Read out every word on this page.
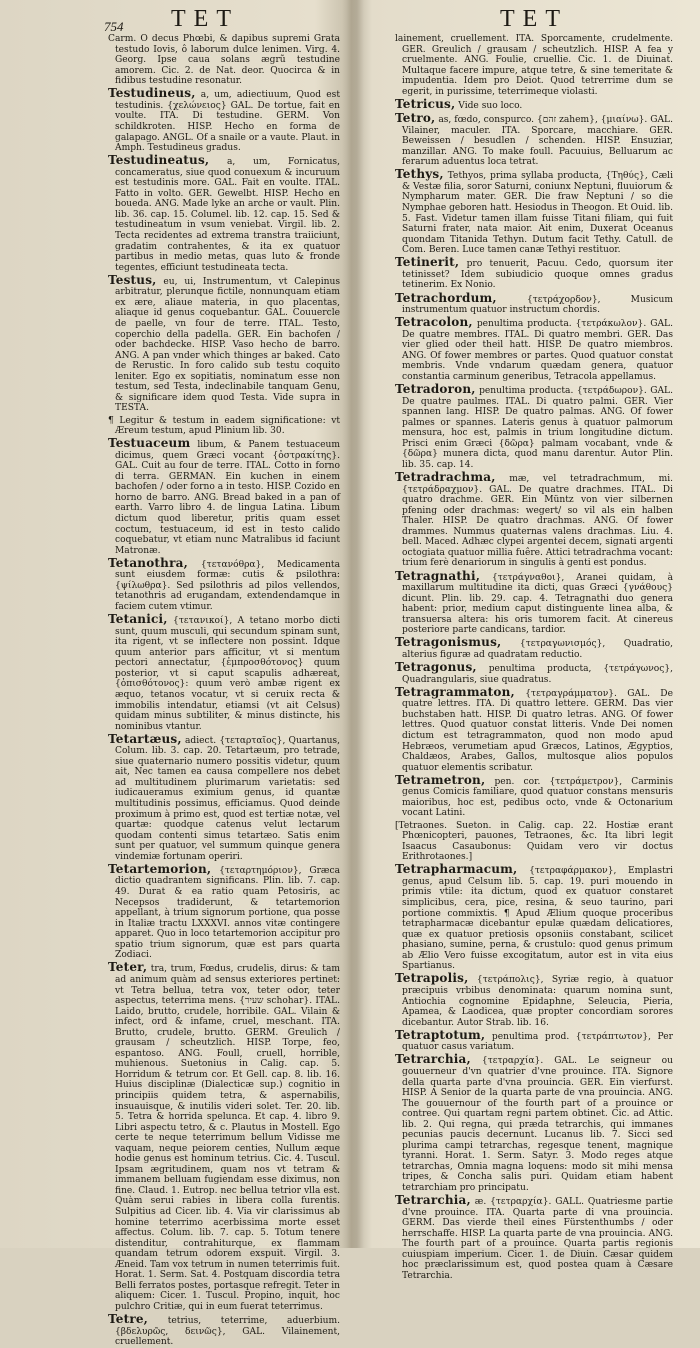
754 TET	TET

Carm. O decus Phœbi, & dapibus supremi Grata testudo Iovis, ô laborum dulce lenimen. Virg. 4. Georg. Ipse caua solans ægrũ testudine amorem. Cic. 2. de Nat. deor. Quocirca & in fidibus testudine resonatur.

Testudineus, a, um, adiectiuum, Quod est testudinis. {χελώνειος} GAL. De tortue, fait en voulte. ITA. Di testudine. GERM. Von schildkroten. HISP. Hecho en forma de galapago. ANGL. Of a snaile or a vaute. Plaut. in Amph. Testudineus gradus.

Testudineatus, a, um, Fornicatus, concameratus, siue quod conuexum & incuruum est testudinis more. GAL. Fait en voulte. ITAL. Fatto in volto. GER. Gewelbt. HISP. Hecho en boueda. ANG. Made lyke an arche or vault. Plin. lib. 36. cap. 15. Columel. lib. 12. cap. 15. Sed & testudineatum in vsum veniebat. Virgil. lib. 2. Tecta recidentes ad extrema transtra traiiciunt, gradatim contrahentes, & ita ex quatuor partibus in medio metas, quas luto & fronde tegentes, efficiunt testudineata tecta.

Testus, eu, ui, Instrumentum, vt Calepinus arbitratur, plerunque fictile, nonnunquam etiam ex ære, aliaue materia, in quo placentas, aliaque id genus coquebantur. GAL. Couuercle de paelle, vn four de terre. ITAL. Testo, coperchio della padella. GER. Ein bachofen / oder bachdecke. HISP. Vaso hecho de barro. ANG. A pan vnder which thinges ar baked. Cato de Rerustic. In foro calido sub testu coquito leniter. Ego ex sopitiatis, nominatum esse non testum, sed Testa, indeclinabile tanquam Genu, & significare idem quod Testa. Vide supra in TESTA.

¶ Legitur & testum in eadem significatione: vt Æreum testum, apud Plinium lib. 30.

Testuaceum libum, & Panem testuaceum dicimus, quem Græci vocant {ὀστρακίτης}. GAL. Cuit au four de terre. ITAL. Cotto in forno di terra. GERMAN. Ein kuchen in einem bachofen / oder forno a in testo. HISP. Cozido en horno de barro. ANG. Bread baked in a pan of earth. Varro libro 4. de lingua Latina. Libum dictum quod liberetur, pritis quam esset coctum, testuaceum, id est in testo calido coquebatur, vt etiam nunc Matralibus id faciunt Matronæ.

Tetanothra, {τετανόθρα}, Medicamenta sunt eiusdem formæ: cutis & psilothra: {ψίλωθρα}. Sed psilothris ad pilos vellendos, tetanothris ad erugandam, extendendamque in faciem cutem vtimur.

Tetanici, {τετανικοί}, A tetano morbo dicti sunt, quum musculi, qui secundum spinam sunt, ita rigent, vt se inflectere non possint. Idque quum anterior pars afficitur, vt si mentum pectori annectatur, {ἐμπροσθότονος} quum posterior, vt si caput scapulis adhæreat, {ὀπισθότονος}: quum verò ambæ rigent ex æquo, tetanos vocatur, vt si ceruix recta & immobilis intendatur, etiamsi (vt ait Celsus) quidam minus subtiliter, & minus distincte, his nominibus vtantur.

Tetartæus, adiect. {τεταρταῖος}, Quartanus, Colum. lib. 3. cap. 20. Tetartæum, pro tetrade, siue quaternario numero possitis videtur, quum ait, Nec tamen ea causa compellere nos debet ad multitudinem plurimarum varietatis: sed iudicaueramus eximium genus, id quantæ multitudinis possimus, efficiamus. Quod deinde proximum à primo est, quod est tertiæ notæ, vel quartæ: quodque catenus velut lectarum quodam contenti simus tetartæo. Satis enim sunt per quatuor, vel summum quinque genera vindemiæ fortunam operiri.

Tetartemorion, {τεταρτημόριον}, Græca dictio quadrantem significans. Plin. lib. 7. cap. 49. Durat & ea ratio quam Petosiris, ac Necepsos tradiderunt, & tetartemorion appellant, à trium signorum portione, qua posse in Italiæ tractu LXXXVI. annos vitæ contingere apparet. Quo in loco tetartemorion accipitur pro spatio trium signorum, quæ est pars quarta Zodiaci.

Teter, tra, trum, Fœdus, crudelis, dirus: & tam ad animum quàm ad sensus exteriores pertinet: vt Tetra bellua, tetra vox, teter odor, teter aspectus, teterrima mens. {שעיר schohar}. ITAL. Laido, brutto, crudele, horribile. GAL. Vilain & infect, ord & infame, cruel, meschant. ITA. Brutto, crudele, brutto. GERM. Greulich / grausam / scheutzlich. HISP. Torpe, feo, espantoso. ANG. Foull, cruell, horrible, muhienous. Suetonius in Calig. cap. 5. Horridum & tetrum cor. Et Gell. cap. 8. lib. 16. Huius disciplinæ (Dialecticæ sup.) cognitio in principiis quidem tetra, & aspernabilis, insuauisque, & inutilis videri solet. Ter. 20. lib. 5. Tetra & horrida spelunca. Et cap. 4. libro 9. Libri aspectu tetro, & c. Plautus in Mostell. Ego certe te neque teterrimum bellum Vidisse me vaquam, neque peiorem centies, Nullum æque hodie genus est hominum tetrius. Cic. 4. Tuscul. Ipsam ægritudinem, quam nos vt tetram & immanem belluam fugiendam esse diximus, non fine. Claud. 1. Eutrop. nec bellua tetrior vlla est. Quàm serui rabies in libera colla furentis. Sulpitius ad Cicer. lib. 4. Via vir clarissimus ab homine teterrimo acerbissima morte esset affectus. Colum. lib. 7. cap. 5. Totum tenere distenditur, contrahiturque, ex flammam quandam tetrum odorem exspuit. Virgil. 3. Æneid. Tam vox tetrum in numen teterrimis fuit. Horat. 1. Serm. Sat. 4. Postquam discordia tetra Belli ferratos postes, portasque refregit. Teter in aliquem: Cicer. 1. Tuscul. Propino, inquit, hoc pulchro Critiæ, qui in eum fuerat teterrimus.

Tetre, tetrius, teterrime, aduerbium. {βδελυρῶς, δεινῶς}, GAL. Vilainement, cruellement.

lainement, cruellement. ITA. Sporcamente, crudelmente. GER. Greulich / grausam / scheutzlich. HISP. A fea y cruelmente. ANG. Foulie, cruellie. Cic. 1. de Diuinat. Multaque facere impure, atque tetre, & sine temeritate & impudentia. Idem pro Deiot. Quod tetrerrime dum se egerit, in purissime, teterrimeque violasti.

Tetricus, Vide suo loco.

Tetro, as, fœdo, conspurco. {זהם zahem}, {μιαίνω}. GAL. Vilainer, maculer. ITA. Sporcare, macchiare. GER. Beweissen / besudlen / schenden. HISP. Ensuziar, manzillar. ANG. To make foull. Pacuuius, Belluarum ac ferarum aduentus loca tetrat.

Tethys, Tethyos, prima syllaba producta, {Τηθύς}, Cæli & Vestæ filia, soror Saturni, coniunx Neptuni, fluuiorum & Nympharum mater. GER. Die fraw Neptuni / so die Nymphae geboren hatt. Hesiodus in Theogon. Et Ouid. lib. 5. Fast. Videtur tamen illam fuisse Titani filiam, qui fuit Saturni frater, nata maior. Ait enim, Duxerat Oceanus quondam Titanida Tethyn. Dutum facit Tethy. Catull. de Com. Beren. Luce tamen canæ Tethyi restituor.

Tetinerit, pro tenuerit, Pacuu. Cedo, quorsum iter tetinisset? Idem subiudicio quoque omnes gradus tetinerim. Ex Nonio.

Tetrachordum,	{τετράχορδον}, Musicum instrumentum quatuor instructum chordis.

Tetracolon, penultima producta. {τετράκωλον}. GAL. De quatre membres. ITAL. Di quatro membri. GER. Das vier glied oder theil hatt. HISP. De quatro miembros. ANG. Of fower membres or partes. Quod quatuor constat membris. Vnde vndarum quædam genera, quatuor constantia carminum generibus, Tetracola appellamus.

Tetradoron, penultima producta. {τετράδωρον}. GAL. De quatre paulmes. ITAL. Di quatro palmi. GER. Vier spannen lang. HISP. De quatro palmas. ANG. Of fower palmes or spannes. Lateris genus à quatuor palmorum mensura, hoc est, palmis in trium longitudine dictum. Prisci enim Græci {δῶρα} palmam vocabant, vnde & {δῶρα} munera dicta, quod manu darentur. Autor Plin. lib. 35. cap. 14.

Tetradrachma, mæ, vel tetradrachmum, mi. {τετράδραχμον}. GAL. De quatre drachmes. ITAL. Di quatro drachme. GER. Ein Müntz von vier silbernen pfening oder drachmas: wegert/ so vil als ein halben Thaler. HISP. De quatro drachmas. ANG. Of fower drammes. Nummus quaternas valens drachmas. Liu. 4. bell. Maced. Adhæc clypei argentei decem, signati argenti octogiata quatuor millia fuêre. Attici tetradrachma vocant: trium ferè denariorum in singulis à genti est pondus.

Tetragnathi, {τετράγναθοι}, Aranei quidam, à maxillarum multitudine ita dicti, quas Græci {γνάθους} dicunt. Plin. lib. 29. cap. 4. Tetragnathi duo genera habent: prior, medium caput distinguente linea alba, & transuersa altera: his oris tumorem facit. At cinereus posteriore parte candicans, tardior.

Tetragonismus, {τετραγωνισμός}, Quadratio, alterius figuræ ad quadratam reductio.

Tetragonus, penultima producta, {τετράγωνος}, Quadrangularis, siue quadratus.

Tetragrammaton, {τετραγράμματον}. GAL. De quatre lettres. ITA. Di quattro lettere. GERM. Das vier buchstaben hatt. HISP. Di quatro letras. ANG. Of fower lettres. Quod quatuor constat litteris. Vnde Dei nomen dictum est tetragrammaton, quod non modo apud Hebræos, verumetiam apud Græcos, Latinos, Ægyptios, Chaldæos, Arabes, Gallos, multosque alios populos quatuor elementis scribatur.

Tetrametron, pen. cor. {τετράμετρον}, Carminis genus Comicis familiare, quod quatuor constans mensuris maioribus, hoc est, pedibus octo, vnde & Octonarium vocant Latini.

[Tetraones. Sueton. in Calig. cap. 22. Hostiæ erant Phœnicopteri, pauones, Tetraones, &c. Ita libri legit Isaacus Casaubonus: Quidam vero vir doctus Erithrotaones.]

Tetrapharmacum, {τετραφάρμακον}, Emplastri genus, apud Celsum lib. 5. cap. 19. puri mouendo in primis vtile: ita dictum, quod ex quatuor constaret simplicibus, cera, pice, resina, & seuo taurino, pari portione commixtis. ¶ Apud Ælium quoque proceribus tetrapharmacæ dicebantur epulæ quædam delicatiores, quæ ex quatuor pretiosis opsoniis constabant, scilicet phasiano, sumine, perna, & crustulo: quod genus primum ab Ælio Vero fuisse excogitatum, autor est in vita eius Spartianus.

Tetrapolis, {τετράπολις}, Syriæ regio, à quatuor præcipuis vrbibus denominata: quarum nomina sunt, Antiochia cognomine Epidaphne, Seleucia, Pieria, Apamea, & Laodicea, quæ propter concordiam sorores dicebantur. Autor Strab. lib. 16.

Tetraptotum, penultima prod. {τετράπτωτον}, Per quatuor casus variatum.

Tetrarchia, {τετραρχία}. GAL. Le seigneur ou gouuerneur d'vn quatrier d'vne prouince. ITA. Signore della quarta parte d'vna prouincia. GER. Ein vierfurst. HISP. A Senior de la quarta parte de vna prouincia. ANG. The gouuernour of the fourth part of a prouince or contree. Qui quartam regni partem obtinet. Cic. ad Attic. lib. 2. Qui regna, qui præda tetrarchis, qui immanes pecunias paucis decernunt. Lucanus lib. 7. Sicci sed plurima campi tetrarchas, regesque tenent, magnique tyranni. Horat. 1. Serm. Satyr. 3. Modo reges atque tetrarchas, Omnia magna loquens: modo sit mihi mensa tripes, & Concha salis puri. Quidam etiam habent tetrarchiam pro principatu.

Tetrarchia, æ. {τετραρχία}. GALL. Quatriesme partie d'vne prouince. ITA. Quarta parte di vna prouincia. GERM. Das vierde theil eines Fürstenthumbs / oder herrschaffe. HISP. La quarta parte de vna prouincia. ANG. The fourth part of a prouince. Quarta partis regionis cuiuspiam imperium. Cicer. 1. de Diuin. Cæsar quidem hoc præclarissimum est, quod postea quam à Cæsare Tetrarchia.
